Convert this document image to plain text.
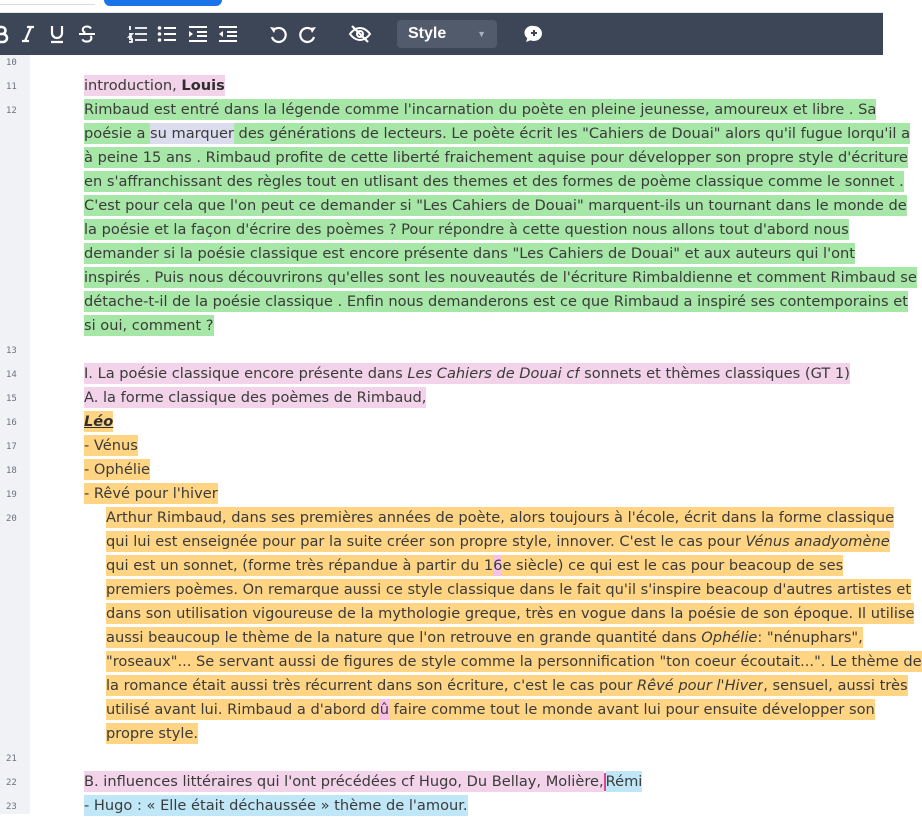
Style	▼
10
11
12
13
14
15
16
17
18
19
20
21
22
23
introduction, Louis
Rimbaud est entré dans la légende comme l'incarnation du poète en pleine jeunesse, amoureux et libre . Sa
poésie a su marquer des générations de lecteurs. Le poète écrit les "Cahiers de Douai" alors qu'il fugue lorqu'il a
à peine 15 ans . Rimbaud profite de cette liberté fraichement aquise pour développer son propre style d'écriture
en s'affranchissant des règles tout en utlisant des themes et des formes de poème classique comme le sonnet .
C'est pour cela que l'on peut ce demander si "Les Cahiers de Douai" marquent-ils un tournant dans le monde de
la poésie et la façon d'écrire des poèmes ? Pour répondre à cette question nous allons tout d'abord nous
demander si la poésie classique est encore présente dans "Les Cahiers de Douai" et aux auteurs qui l'ont
inspirés . Puis nous découvrirons qu'elles sont les nouveautés de l'écriture Rimbaldienne et comment Rimbaud se
détache-t-il de la poésie classique . Enfin nous demanderons est ce que Rimbaud a inspiré ses contemporains et
si oui, comment ?
I. La poésie classique encore présente dans Les Cahiers de Douai cf sonnets et thèmes classiques (GT 1)
A. la forme classique des poèmes de Rimbaud,
Léo
- Vénus
- Ophélie
- Rêvé pour l'hiver
Arthur Rimbaud, dans ses premières années de poète, alors toujours à l'école, écrit dans la forme classique
qui lui est enseignée pour par la suite créer son propre style, innover. C'est le cas pour Vénus anadyomène
qui est un sonnet, (forme très répandue à partir du 16e siècle) ce qui est le cas pour beacoup de ses
premiers poèmes. On remarque aussi ce style classique dans le fait qu'il s'inspire beacoup d'autres artistes et
dans son utilisation vigoureuse de la mythologie greque, très en vogue dans la poésie de son époque. Il utilise
aussi beaucoup le thème de la nature que l'on retrouve en grande quantité dans Ophélie: "nénuphars",
"roseaux"... Se servant aussi de figures de style comme la personnification "ton coeur écoutait...". Le thème de
la romance était aussi très récurrent dans son écriture, c'est le cas pour Rêvé pour l'Hiver, sensuel, aussi très
utilisé avant lui. Rimbaud a d'abord dû faire comme tout le monde avant lui pour ensuite développer son
propre style.
B. influences littéraires qui l'ont précédées cf Hugo, Du Bellay, Molière, Rémi
- Hugo : « Elle était déchaussée » thème de l'amour.
